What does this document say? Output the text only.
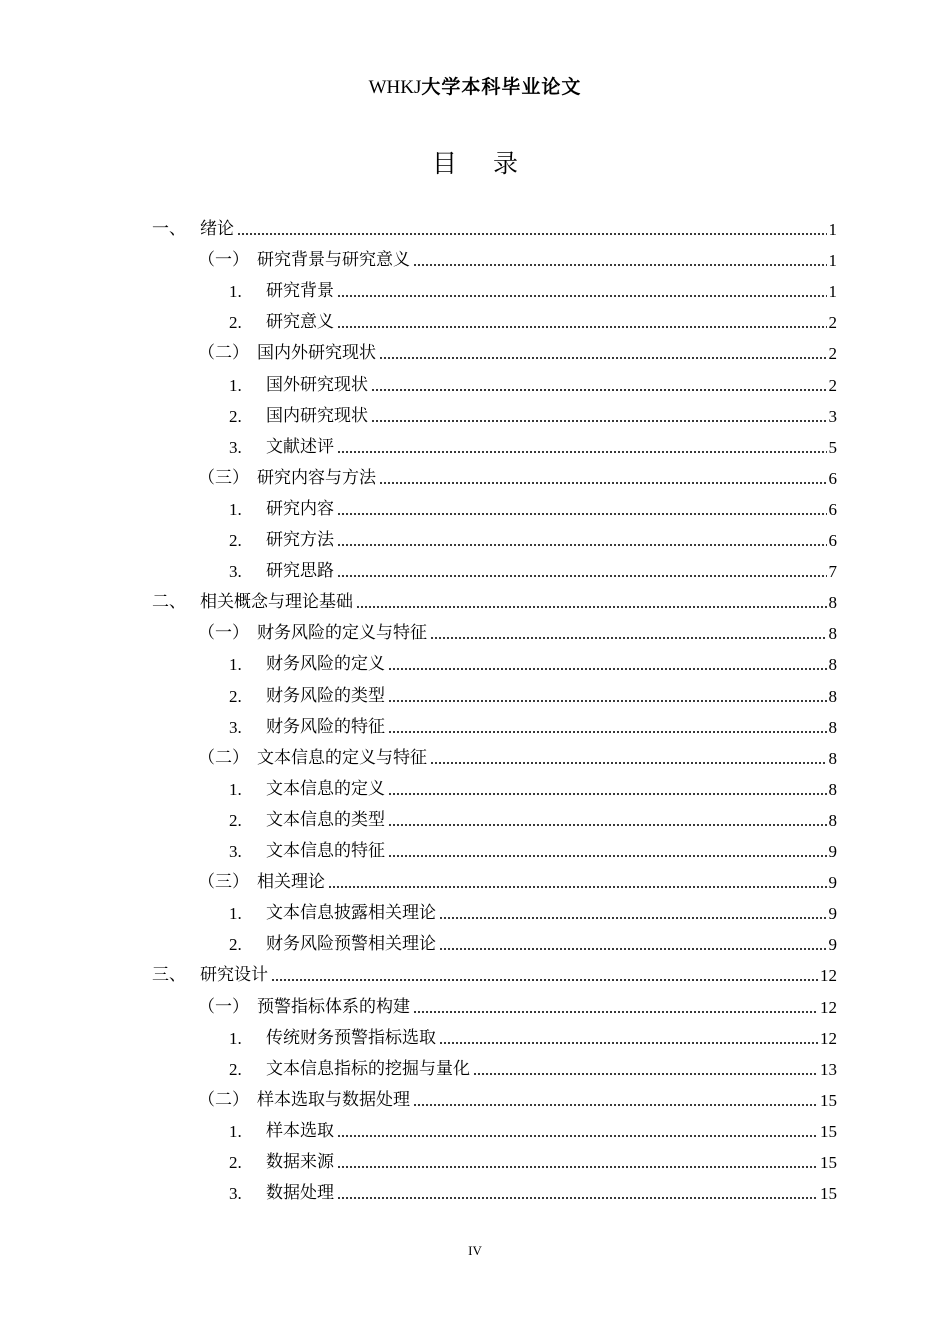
WHKJ大学本科毕业论文
目 录
一、 绪论	1
（一） 研究背景与研究意义	1
1. 研究背景	1
2. 研究意义	2
（二） 国内外研究现状	2
1. 国外研究现状	2
2. 国内研究现状	3
3. 文献述评	5
（三） 研究内容与方法	6
1. 研究内容	6
2. 研究方法	6
3. 研究思路	7
二、 相关概念与理论基础	8
（一） 财务风险的定义与特征	8
1. 财务风险的定义	8
2. 财务风险的类型	8
3. 财务风险的特征	8
（二） 文本信息的定义与特征	8
1. 文本信息的定义	8
2. 文本信息的类型	8
3. 文本信息的特征	9
（三） 相关理论	9
1. 文本信息披露相关理论	9
2. 财务风险预警相关理论	9
三、 研究设计	12
（一） 预警指标体系的构建	12
1. 传统财务预警指标选取	12
2. 文本信息指标的挖掘与量化	13
（二） 样本选取与数据处理	15
1. 样本选取	15
2. 数据来源	15
3. 数据处理	15
IV
